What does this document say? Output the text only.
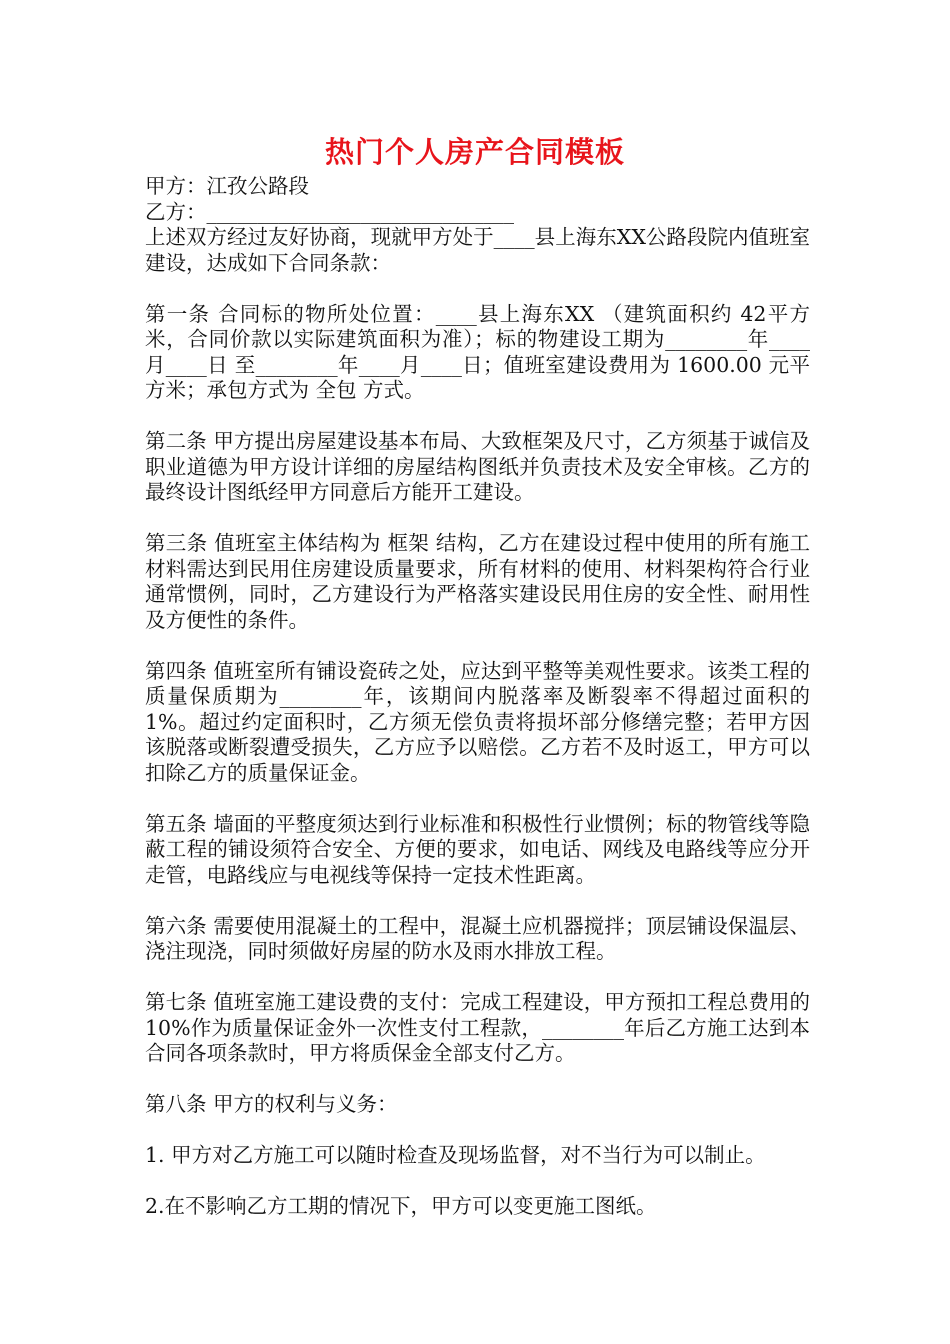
热门个人房产合同模板

甲方：江孜公路段

乙方：______________________________

上述双方经过友好协商，现就甲方处于____县上海东XX公路段院内值班室建设，达成如下合同条款：

第一条 合同标的物所处位置：____县上海东XX （建筑面积约 42平方米，合同价款以实际建筑面积为准）；标的物建设工期为________年____月____日 至________年____月____日；值班室建设费用为 1600.00 元平方米；承包方式为 全包 方式。

第二条 甲方提出房屋建设基本布局、大致框架及尺寸，乙方须基于诚信及职业道德为甲方设计详细的房屋结构图纸并负责技术及安全审核。乙方的最终设计图纸经甲方同意后方能开工建设。

第三条 值班室主体结构为 框架 结构，乙方在建设过程中使用的所有施工材料需达到民用住房建设质量要求，所有材料的使用、材料架构符合行业通常惯例，同时，乙方建设行为严格落实建设民用住房的安全性、耐用性及方便性的条件。

第四条 值班室所有铺设瓷砖之处，应达到平整等美观性要求。该类工程的质量保质期为________年，该期间内脱落率及断裂率不得超过面积的1%。超过约定面积时，乙方须无偿负责将损坏部分修缮完整；若甲方因该脱落或断裂遭受损失，乙方应予以赔偿。乙方若不及时返工，甲方可以扣除乙方的质量保证金。

第五条 墙面的平整度须达到行业标准和积极性行业惯例；标的物管线等隐蔽工程的铺设须符合安全、方便的要求，如电话、网线及电路线等应分开走管，电路线应与电视线等保持一定技术性距离。

第六条 需要使用混凝土的工程中，混凝土应机器搅拌；顶层铺设保温层、浇注现浇，同时须做好房屋的防水及雨水排放工程。

第七条 值班室施工建设费的支付：完成工程建设，甲方预扣工程总费用的10%作为质量保证金外一次性支付工程款，________年后乙方施工达到本合同各项条款时，甲方将质保金全部支付乙方。

第八条 甲方的权利与义务：

1. 甲方对乙方施工可以随时检查及现场监督，对不当行为可以制止。

2.在不影响乙方工期的情况下，甲方可以变更施工图纸。
